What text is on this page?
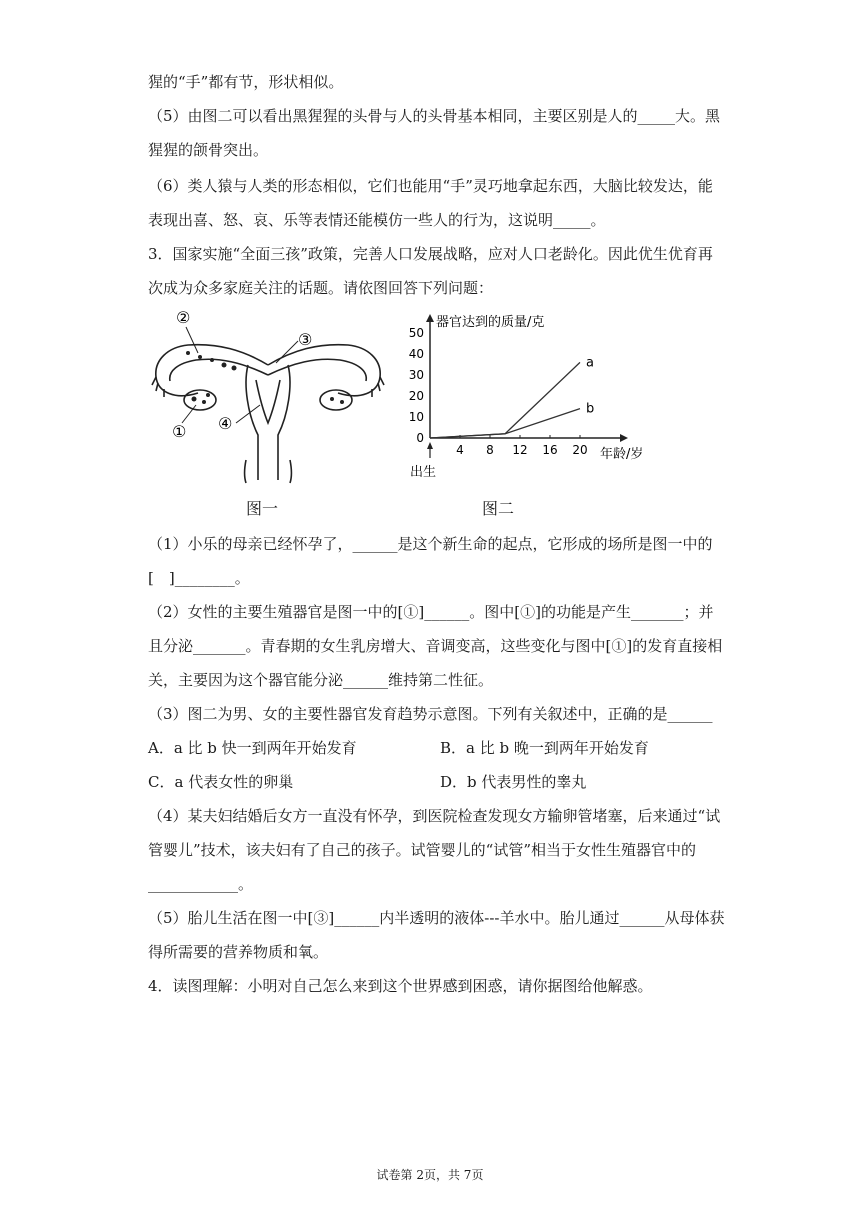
猩的“手”都有节，形状相似。
（5）由图二可以看出黑猩猩的头骨与人的头骨基本相同，主要区别是人的_____大。黑
猩猩的颌骨突出。
（6）类人猿与人类的形态相似，它们也能用“手”灵巧地拿起东西，大脑比较发达，能
表现出喜、怒、哀、乐等表情还能模仿一些人的行为，这说明_____。
3．国家实施“全面三孩”政策，完善人口发展战略，应对人口老龄化。因此优生优育再
次成为众多家庭关注的话题。请依图回答下列问题：
②
③
① ④
图一
器官达到的质量/克
年龄/岁
出生
0
10
20
30
40
50
4 8 12 16 20
a
b
图二
（1）小乐的母亲已经怀孕了，______是这个新生命的起点，它形成的场所是图一中的
[　]________。
（2）女性的主要生殖器官是图一中的[①]______。图中[①]的功能是产生_______；并
且分泌_______。青春期的女生乳房增大、音调变高，这些变化与图中[①]的发育直接相
关，主要因为这个器官能分泌______维持第二性征。
（3）图二为男、女的主要性器官发育趋势示意图。下列有关叙述中，正确的是______
A．a 比 b 快一到两年开始发育	B．a 比 b 晚一到两年开始发育
C．a 代表女性的卵巢	D．b 代表男性的睾丸
（4）某夫妇结婚后女方一直没有怀孕，到医院检查发现女方输卵管堵塞，后来通过“试
管婴儿”技术，该夫妇有了自己的孩子。试管婴儿的“试管”相当于女性生殖器官中的
____________。
（5）胎儿生活在图一中[③]______内半透明的液体---羊水中。胎儿通过______从母体获
得所需要的营养物质和氧。
4．读图理解：小明对自己怎么来到这个世界感到困惑，请你据图给他解惑。
试卷第 2页，共 7页
